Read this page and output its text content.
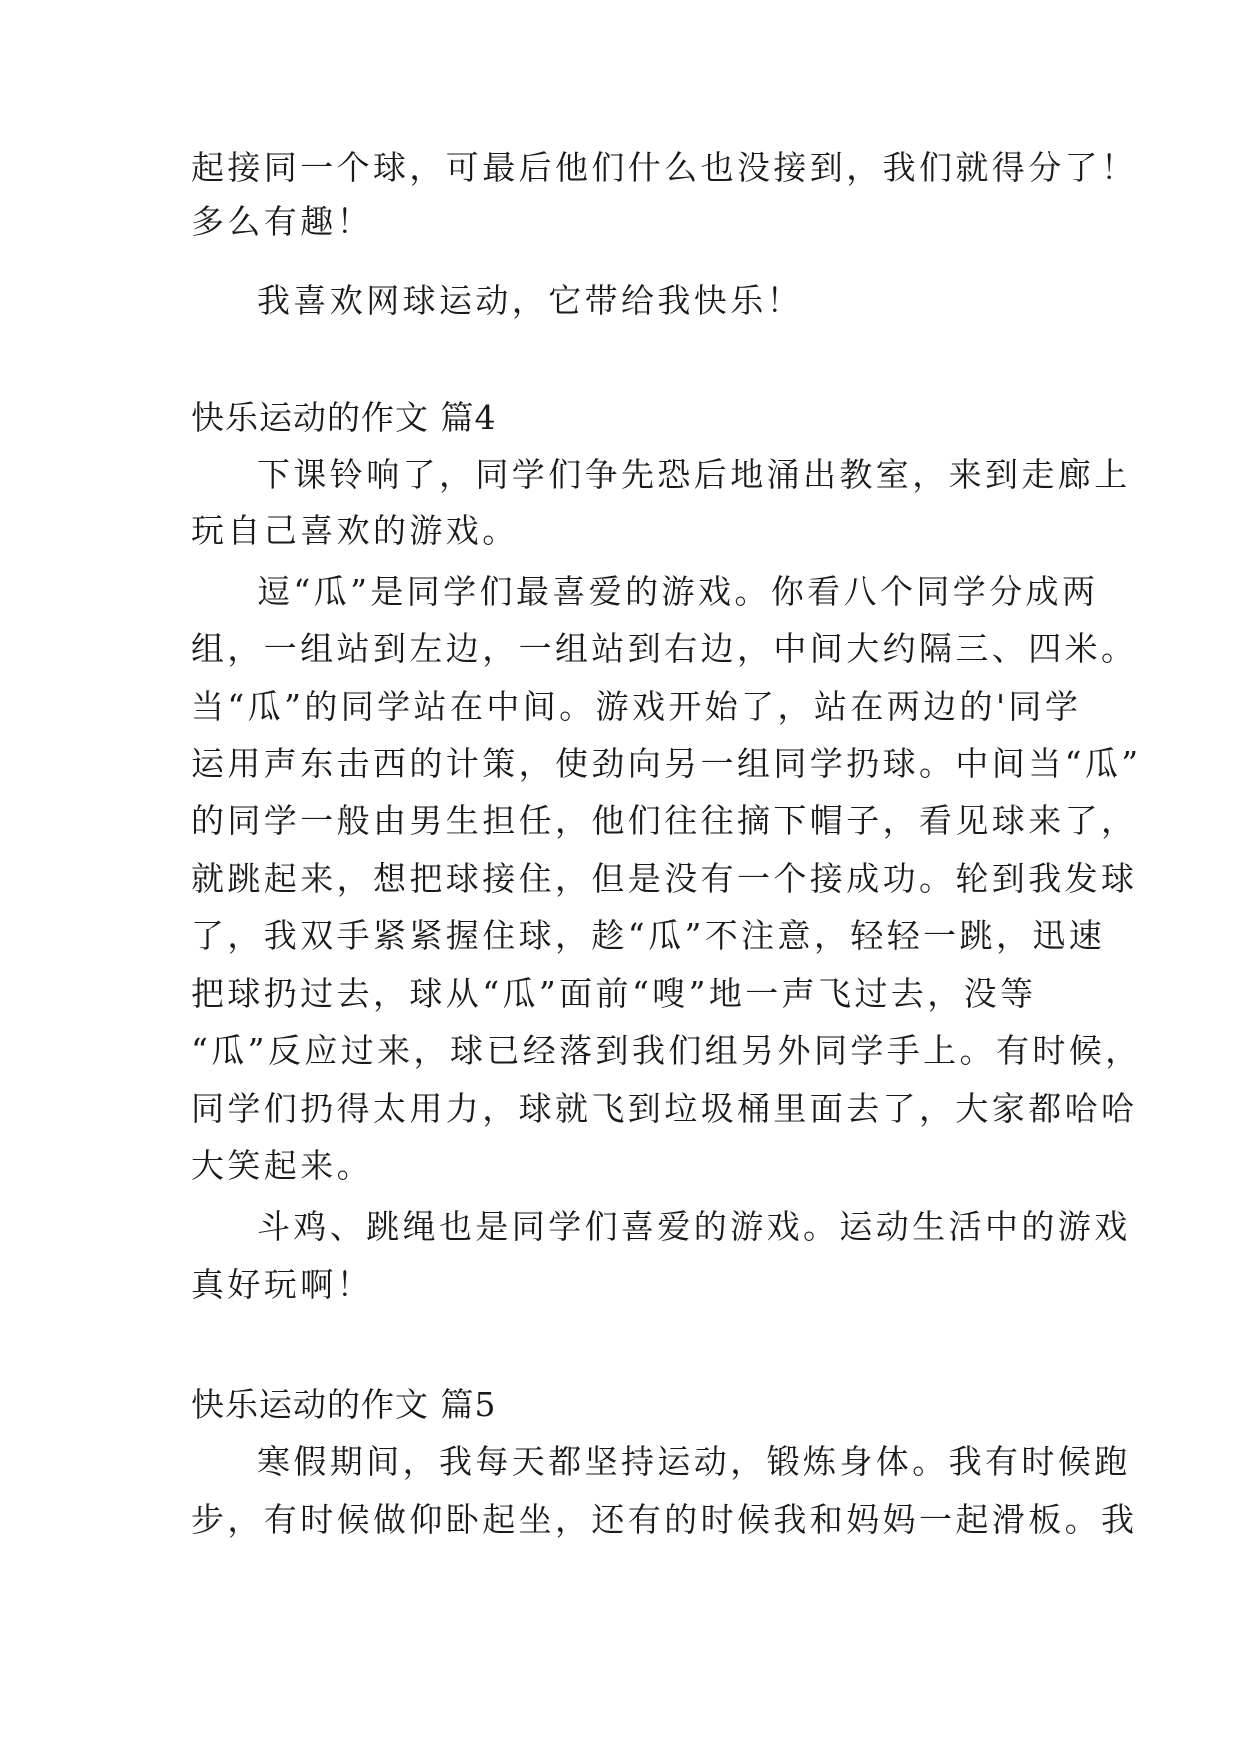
起接同一个球，可最后他们什么也没接到，我们就得分了！
多么有趣！
我喜欢网球运动，它带给我快乐！
快乐运动的作文 篇4
下课铃响了，同学们争先恐后地涌出教室，来到走廊上
玩自己喜欢的游戏。
逗“瓜”是同学们最喜爱的游戏。你看八个同学分成两
组，一组站到左边，一组站到右边，中间大约隔三、四米。
当“瓜”的同学站在中间。游戏开始了，站在两边的'同学
运用声东击西的计策，使劲向另一组同学扔球。中间当“瓜”
的同学一般由男生担任，他们往往摘下帽子，看见球来了，
就跳起来，想把球接住，但是没有一个接成功。轮到我发球
了，我双手紧紧握住球，趁“瓜”不注意，轻轻一跳，迅速
把球扔过去，球从“瓜”面前“嗖”地一声飞过去，没等
“瓜”反应过来，球已经落到我们组另外同学手上。有时候，
同学们扔得太用力，球就飞到垃圾桶里面去了，大家都哈哈
大笑起来。
斗鸡、跳绳也是同学们喜爱的游戏。运动生活中的游戏
真好玩啊！
快乐运动的作文 篇5
寒假期间，我每天都坚持运动，锻炼身体。我有时候跑
步，有时候做仰卧起坐，还有的时候我和妈妈一起滑板。我
